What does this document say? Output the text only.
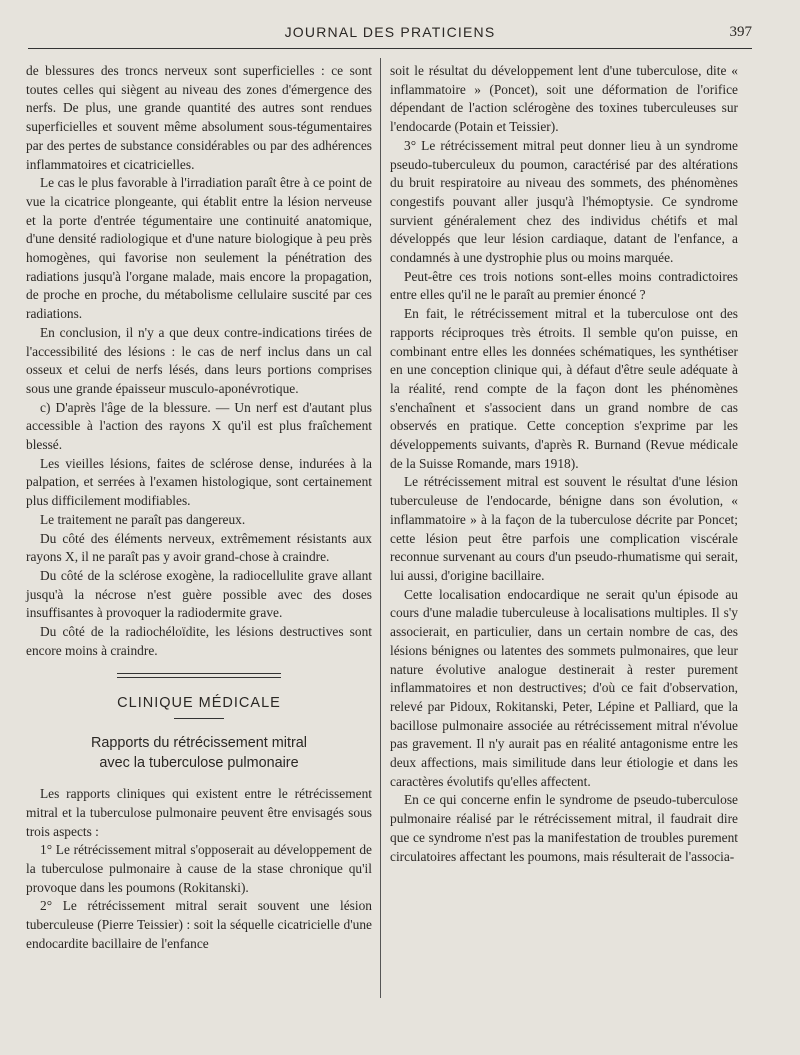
JOURNAL DES PRATICIENS	397

de blessures des troncs nerveux sont superficielles : ce sont toutes celles qui siègent au niveau des zones d'émergence des nerfs. De plus, une grande quantité des autres sont rendues superficielles et souvent même absolument sous-tégumentaires par des pertes de substance considérables ou par des adhérences inflammatoires et cicatricielles.

Le cas le plus favorable à l'irradiation paraît être à ce point de vue la cicatrice plongeante, qui établit entre la lésion nerveuse et la porte d'entrée tégumentaire une continuité anatomique, d'une densité radiologique et d'une nature biologique à peu près homogènes, qui favorise non seulement la pénétration des radiations jusqu'à l'organe malade, mais encore la propagation, de proche en proche, du métabolisme cellulaire suscité par ces radiations.

En conclusion, il n'y a que deux contre-indications tirées de l'accessibilité des lésions : le cas de nerf inclus dans un cal osseux et celui de nerfs lésés, dans leurs portions comprises sous une grande épaisseur musculo-aponévrotique.

c) D'après l'âge de la blessure. — Un nerf est d'autant plus accessible à l'action des rayons X qu'il est plus fraîchement blessé.

Les vieilles lésions, faites de sclérose dense, indurées à la palpation, et serrées à l'examen histologique, sont certainement plus difficilement modifiables.

Le traitement ne paraît pas dangereux.

Du côté des éléments nerveux, extrêmement résistants aux rayons X, il ne paraît pas y avoir grand-chose à craindre.

Du côté de la sclérose exogène, la radiocellulite grave allant jusqu'à la nécrose n'est guère possible avec des doses insuffisantes à provoquer la radiodermite grave.

Du côté de la radiochéloïdite, les lésions destructives sont encore moins à craindre.

CLINIQUE MÉDICALE
Rapports du rétrécissement mitral
avec la tuberculose pulmonaire

Les rapports cliniques qui existent entre le rétrécissement mitral et la tuberculose pulmonaire peuvent être envisagés sous trois aspects :

1° Le rétrécissement mitral s'opposerait au développement de la tuberculose pulmonaire à cause de la stase chronique qu'il provoque dans les poumons (Rokitanski).

2° Le rétrécissement mitral serait souvent une lésion tuberculeuse (Pierre Teissier) : soit la séquelle cicatricielle d'une endocardite bacillaire de l'enfance

soit le résultat du développement lent d'une tuberculose, dite « inflammatoire » (Poncet), soit une déformation de l'orifice dépendant de l'action sclérogène des toxines tuberculeuses sur l'endocarde (Potain et Teissier).

3° Le rétrécissement mitral peut donner lieu à un syndrome pseudo-tuberculeux du poumon, caractérisé par des altérations du bruit respiratoire au niveau des sommets, des phénomènes congestifs pouvant aller jusqu'à l'hémoptysie. Ce syndrome survient généralement chez des individus chétifs et mal développés que leur lésion cardiaque, datant de l'enfance, a condamnés à une dystrophie plus ou moins marquée.

Peut-être ces trois notions sont-elles moins contradictoires entre elles qu'il ne le paraît au premier énoncé ?

En fait, le rétrécissement mitral et la tuberculose ont des rapports réciproques très étroits. Il semble qu'on puisse, en combinant entre elles les données schématiques, les synthétiser en une conception clinique qui, à défaut d'être seule adéquate à la réalité, rend compte de la façon dont les phénomènes s'enchaînent et s'associent dans un grand nombre de cas observés en pratique. Cette conception s'exprime par les développements suivants, d'après R. Burnand (Revue médicale de la Suisse Romande, mars 1918).

Le rétrécissement mitral est souvent le résultat d'une lésion tuberculeuse de l'endocarde, bénigne dans son évolution, « inflammatoire » à la façon de la tuberculose décrite par Poncet; cette lésion peut être parfois une complication viscérale reconnue survenant au cours d'un pseudo-rhumatisme qui serait, lui aussi, d'origine bacillaire.

Cette localisation endocardique ne serait qu'un épisode au cours d'une maladie tuberculeuse à localisations multiples. Il s'y associerait, en particulier, dans un certain nombre de cas, des lésions bénignes ou latentes des sommets pulmonaires, que leur nature évolutive analogue destinerait à rester purement inflammatoires et non destructives; d'où ce fait d'observation, relevé par Pidoux, Rokitanski, Peter, Lépine et Palliard, que la bacillose pulmonaire associée au rétrécissement mitral n'évolue pas gravement. Il n'y aurait pas en réalité antagonisme entre les deux affections, mais similitude dans leur étiologie et dans les caractères évolutifs qu'elles affectent.

En ce qui concerne enfin le syndrome de pseudo-tuberculose pulmonaire réalisé par le rétrécissement mitral, il faudrait dire que ce syndrome n'est pas la manifestation de troubles purement circulatoires affectant les poumons, mais résulterait de l'associa-
